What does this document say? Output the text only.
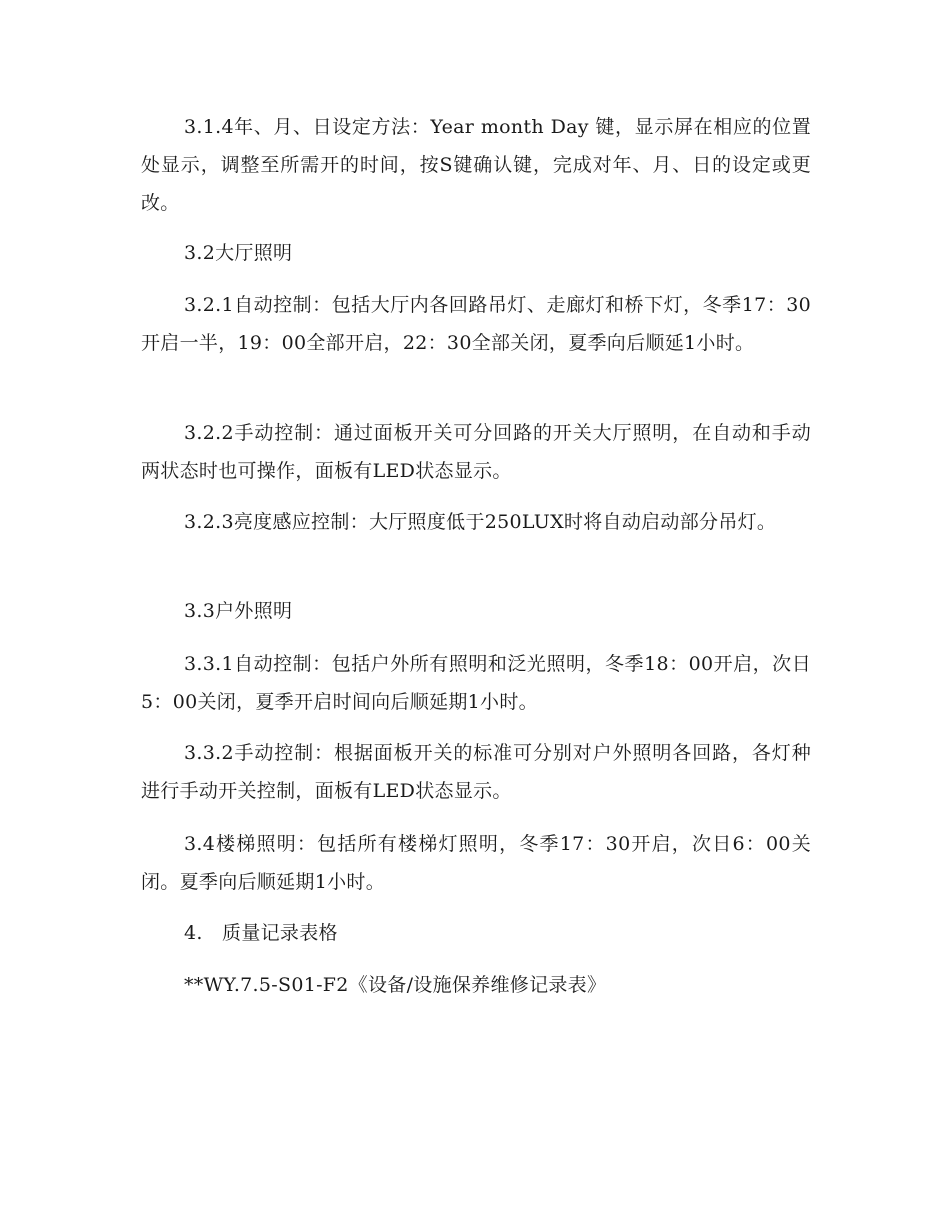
3.1.4年、月、日设定方法：Year month Day 键，显示屏在相应的位置处显示，调整至所需开的时间，按S键确认键，完成对年、月、日的设定或更改。

3.2大厅照明

3.2.1自动控制：包括大厅内各回路吊灯、走廊灯和桥下灯，冬季17：30开启一半，19：00全部开启，22：30全部关闭，夏季向后顺延1小时。

3.2.2手动控制：通过面板开关可分回路的开关大厅照明，在自动和手动两状态时也可操作，面板有LED状态显示。

3.2.3亮度感应控制：大厅照度低于250LUX时将自动启动部分吊灯。

3.3户外照明

3.3.1自动控制：包括户外所有照明和泛光照明，冬季18：00开启，次日5：00关闭，夏季开启时间向后顺延期1小时。

3.3.2手动控制：根据面板开关的标准可分别对户外照明各回路，各灯种进行手动开关控制，面板有LED状态显示。

3.4楼梯照明：包括所有楼梯灯照明，冬季17：30开启，次日6：00关闭。夏季向后顺延期1小时。

4.　质量记录表格

**WY.7.5-S01-F2《设备/设施保养维修记录表》
